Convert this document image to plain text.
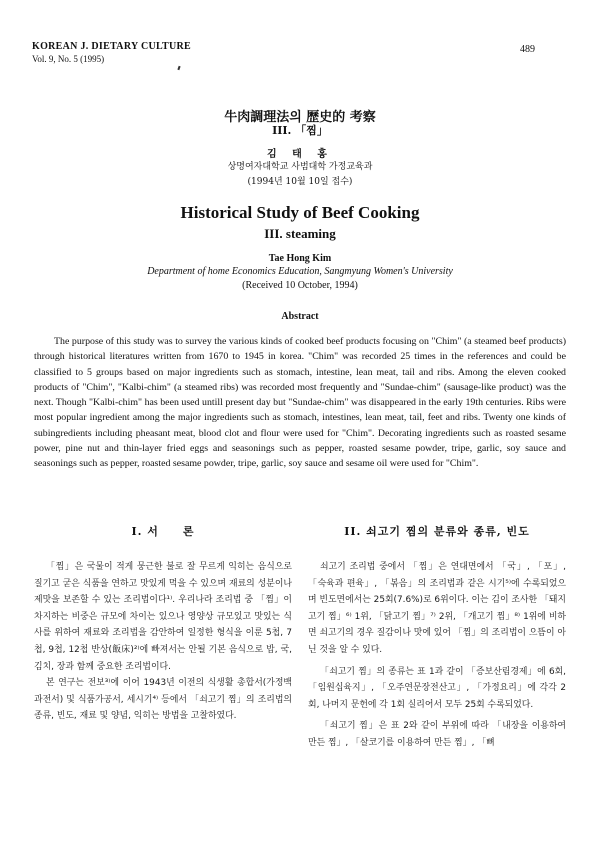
KOREAN J. DIETARY CULTURE
Vol. 9, No. 5 (1995)
489
牛肉調理法의 歷史的 考察
III. 「찜」
김 태 홍
상명여자대학교 사범대학 가정교육과
(1994년 10월 10일 접수)
Historical Study of Beef Cooking
III. steaming
Tae Hong Kim
Department of home Economics Education, Sangmyung Women's University
(Received 10 October, 1994)
Abstract

The purpose of this study was to survey the various kinds of cooked beef products focusing on "Chim" (a steamed beef products) through historical literatures written from 1670 to 1945 in korea. "Chim" was recorded 25 times in the references and could be classified to 5 groups based on major ingredients such as stomach, intestine, lean meat, tail and ribs. Among the eleven cooked products of "Chim", "Kalbi-chim" (a steamed ribs) was recorded most frequently and "Sundae-chim" (sausage-like product) was the next. Though "Kalbi-chim" has been used untill present day but "Sundae-chim" was disappeared in the early 19th centuries. Ribs were most popular ingredient among the major ingredients such as stomach, intestines, lean meat, tail, feet and ribs. Twenty one kinds of subingredients including pheasant meat, blood clot and flour were used for "Chim". Decorating ingredients such as roasted sesame power, pine nut and thin-layer fried eggs and seasonings such as pepper, roasted sesame powder, tripe, garlic, soy sauce and seasonings such as pepper, roasted sesame powder, tripe, garlic, soy sauce and sesame oil were used for "Chim".

I. 서　　론

「찜」은 국물이 적게 뭉근한 불로 잘 무르게 익히는 음식으로 질기고 굳은 식품을 연하고 맛있게 먹을 수 있으며 재료의 성분이나 제맛을 보존할 수 있는 조리법이다¹⁾. 우리나라 조리법 중 「찜」이 차지하는 비중은 규모에 차이는 있으나 영양상 규모있고 맛있는 식사를 위하여 재료와 조리법을 감안하여 일정한 형식을 이룬 5첩, 7첩, 9첩, 12첩 반상(飯床)²⁾에 빠져서는 안될 기본 음식으로 밥, 국, 김치, 장과 함께 중요한 조리법이다.

본 연구는 전보³⁾에 이어 1943년 이전의 식생활 총합서(가정백과전서) 및 식품가공서, 세시기⁴⁾ 등에서 「쇠고기 찜」의 조리법의 종류, 빈도, 재료 및 양념, 익히는 방법을 고찰하였다.

II. 쇠고기 찜의 분류와 종류, 빈도

쇠고기 조리법 중에서 「찜」은 연대면에서 「국」, 「포」, 「숙육과 편육」, 「볶음」의 조리법과 같은 시기⁵⁾에 수록되었으며 빈도면에서는 25회(7.6%)로 6위이다. 이는 김이 조사한 「돼지고기 찜」⁶⁾ 1위, 「닭고기 찜」⁷⁾ 2위, 「개고기 찜」⁸⁾ 1위에 비하면 쇠고기의 경우 질감이나 맛에 있어 「찜」의 조리법이 으뜸이 아닌 것을 알 수 있다.

「쇠고기 찜」의 종류는 표 1과 같이 「증보산림경제」에 6회, 「임원십육지」, 「오주연문장전산고」, 「가정요리」에 각각 2회, 나머지 문헌에 각 1회 실리어서 모두 25회 수록되었다.

「쇠고기 찜」은 표 2와 같이 부위에 따라 「내장을 이용하여 만든 찜」, 「살코기를 이용하여 만든 찜」, 「뼈
